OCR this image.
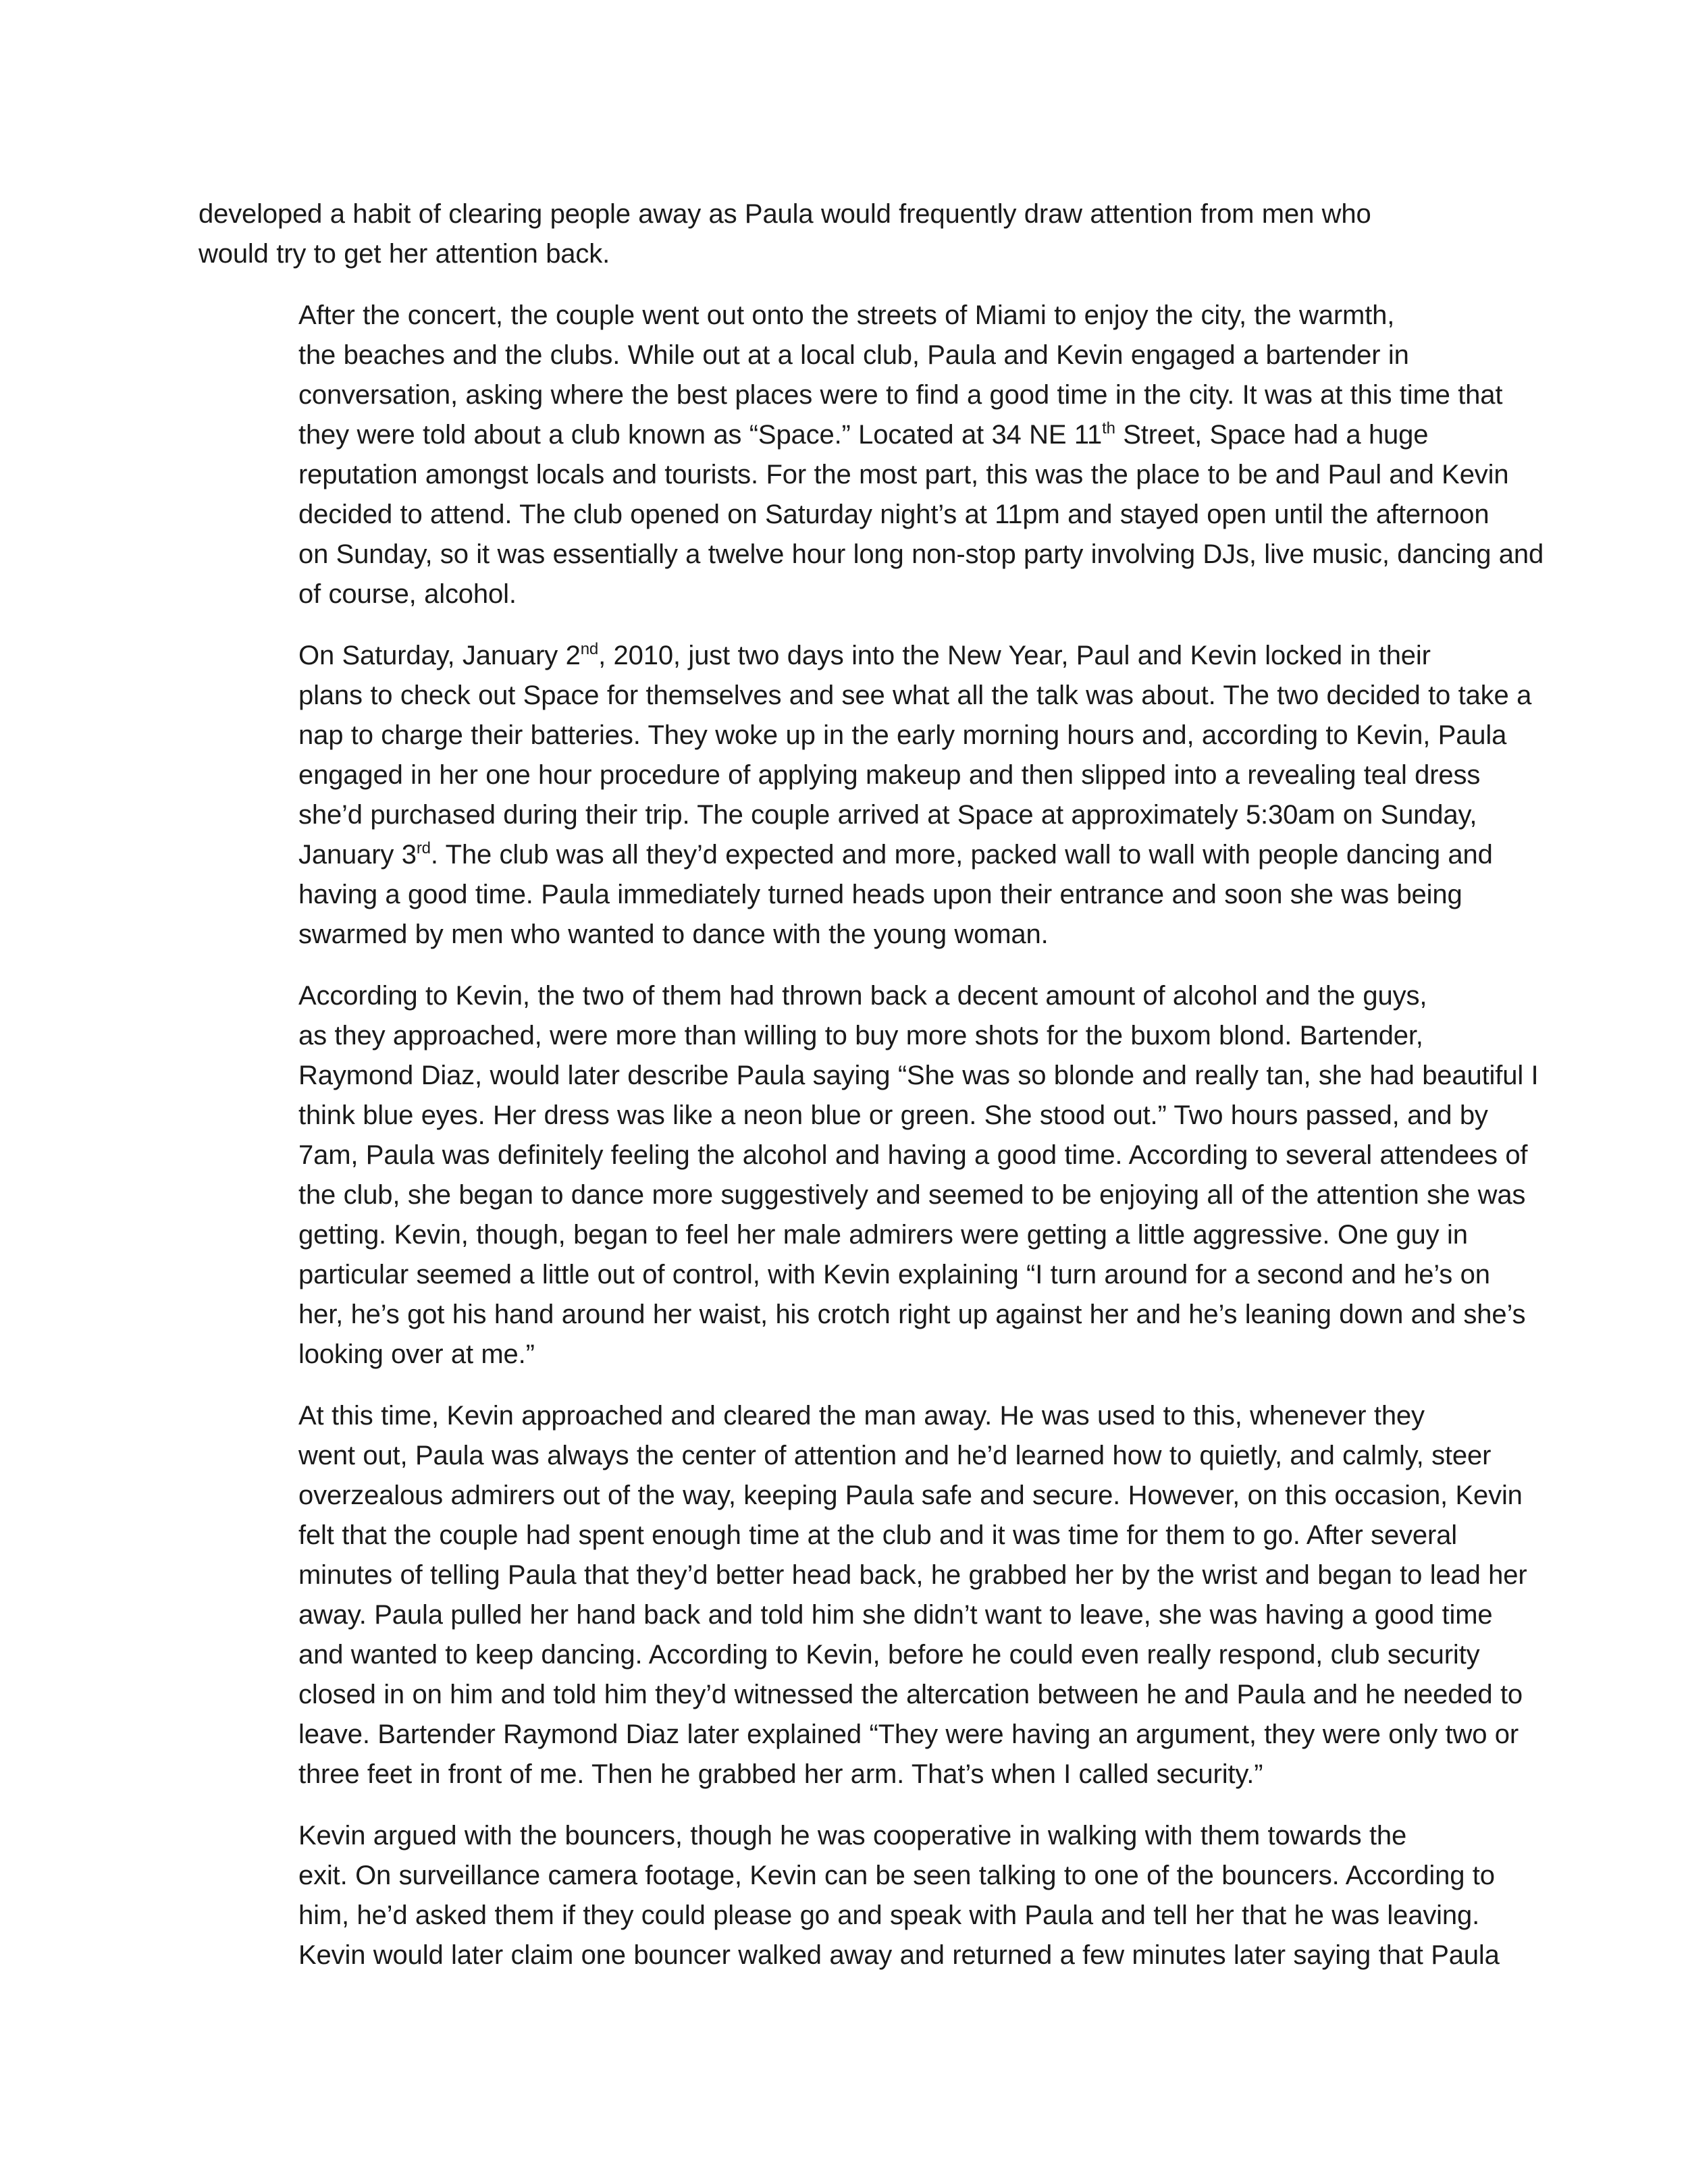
developed a habit of clearing people away as Paula would frequently draw attention from men who
would try to get her attention back.

After the concert, the couple went out onto the streets of Miami to enjoy the city, the warmth,
the beaches and the clubs. While out at a local club, Paula and Kevin engaged a bartender in
conversation, asking where the best places were to find a good time in the city. It was at this time that
they were told about a club known as “Space.” Located at 34 NE 11th Street, Space had a huge
reputation amongst locals and tourists. For the most part, this was the place to be and Paul and Kevin
decided to attend. The club opened on Saturday night’s at 11pm and stayed open until the afternoon
on Sunday, so it was essentially a twelve hour long non-stop party involving DJs, live music, dancing and
of course, alcohol.

On Saturday, January 2nd, 2010, just two days into the New Year, Paul and Kevin locked in their
plans to check out Space for themselves and see what all the talk was about. The two decided to take a
nap to charge their batteries. They woke up in the early morning hours and, according to Kevin, Paula
engaged in her one hour procedure of applying makeup and then slipped into a revealing teal dress
she’d purchased during their trip. The couple arrived at Space at approximately 5:30am on Sunday,
January 3rd. The club was all they’d expected and more, packed wall to wall with people dancing and
having a good time. Paula immediately turned heads upon their entrance and soon she was being
swarmed by men who wanted to dance with the young woman.

According to Kevin, the two of them had thrown back a decent amount of alcohol and the guys,
as they approached, were more than willing to buy more shots for the buxom blond. Bartender,
Raymond Diaz, would later describe Paula saying “She was so blonde and really tan, she had beautiful I
think blue eyes. Her dress was like a neon blue or green. She stood out.” Two hours passed, and by
7am, Paula was definitely feeling the alcohol and having a good time. According to several attendees of
the club, she began to dance more suggestively and seemed to be enjoying all of the attention she was
getting. Kevin, though, began to feel her male admirers were getting a little aggressive. One guy in
particular seemed a little out of control, with Kevin explaining “I turn around for a second and he’s on
her, he’s got his hand around her waist, his crotch right up against her and he’s leaning down and she’s
looking over at me.”

At this time, Kevin approached and cleared the man away. He was used to this, whenever they
went out, Paula was always the center of attention and he’d learned how to quietly, and calmly, steer
overzealous admirers out of the way, keeping Paula safe and secure. However, on this occasion, Kevin
felt that the couple had spent enough time at the club and it was time for them to go. After several
minutes of telling Paula that they’d better head back, he grabbed her by the wrist and began to lead her
away. Paula pulled her hand back and told him she didn’t want to leave, she was having a good time
and wanted to keep dancing. According to Kevin, before he could even really respond, club security
closed in on him and told him they’d witnessed the altercation between he and Paula and he needed to
leave. Bartender Raymond Diaz later explained “They were having an argument, they were only two or
three feet in front of me. Then he grabbed her arm. That’s when I called security.”

Kevin argued with the bouncers, though he was cooperative in walking with them towards the
exit. On surveillance camera footage, Kevin can be seen talking to one of the bouncers. According to
him, he’d asked them if they could please go and speak with Paula and tell her that he was leaving.
Kevin would later claim one bouncer walked away and returned a few minutes later saying that Paula
